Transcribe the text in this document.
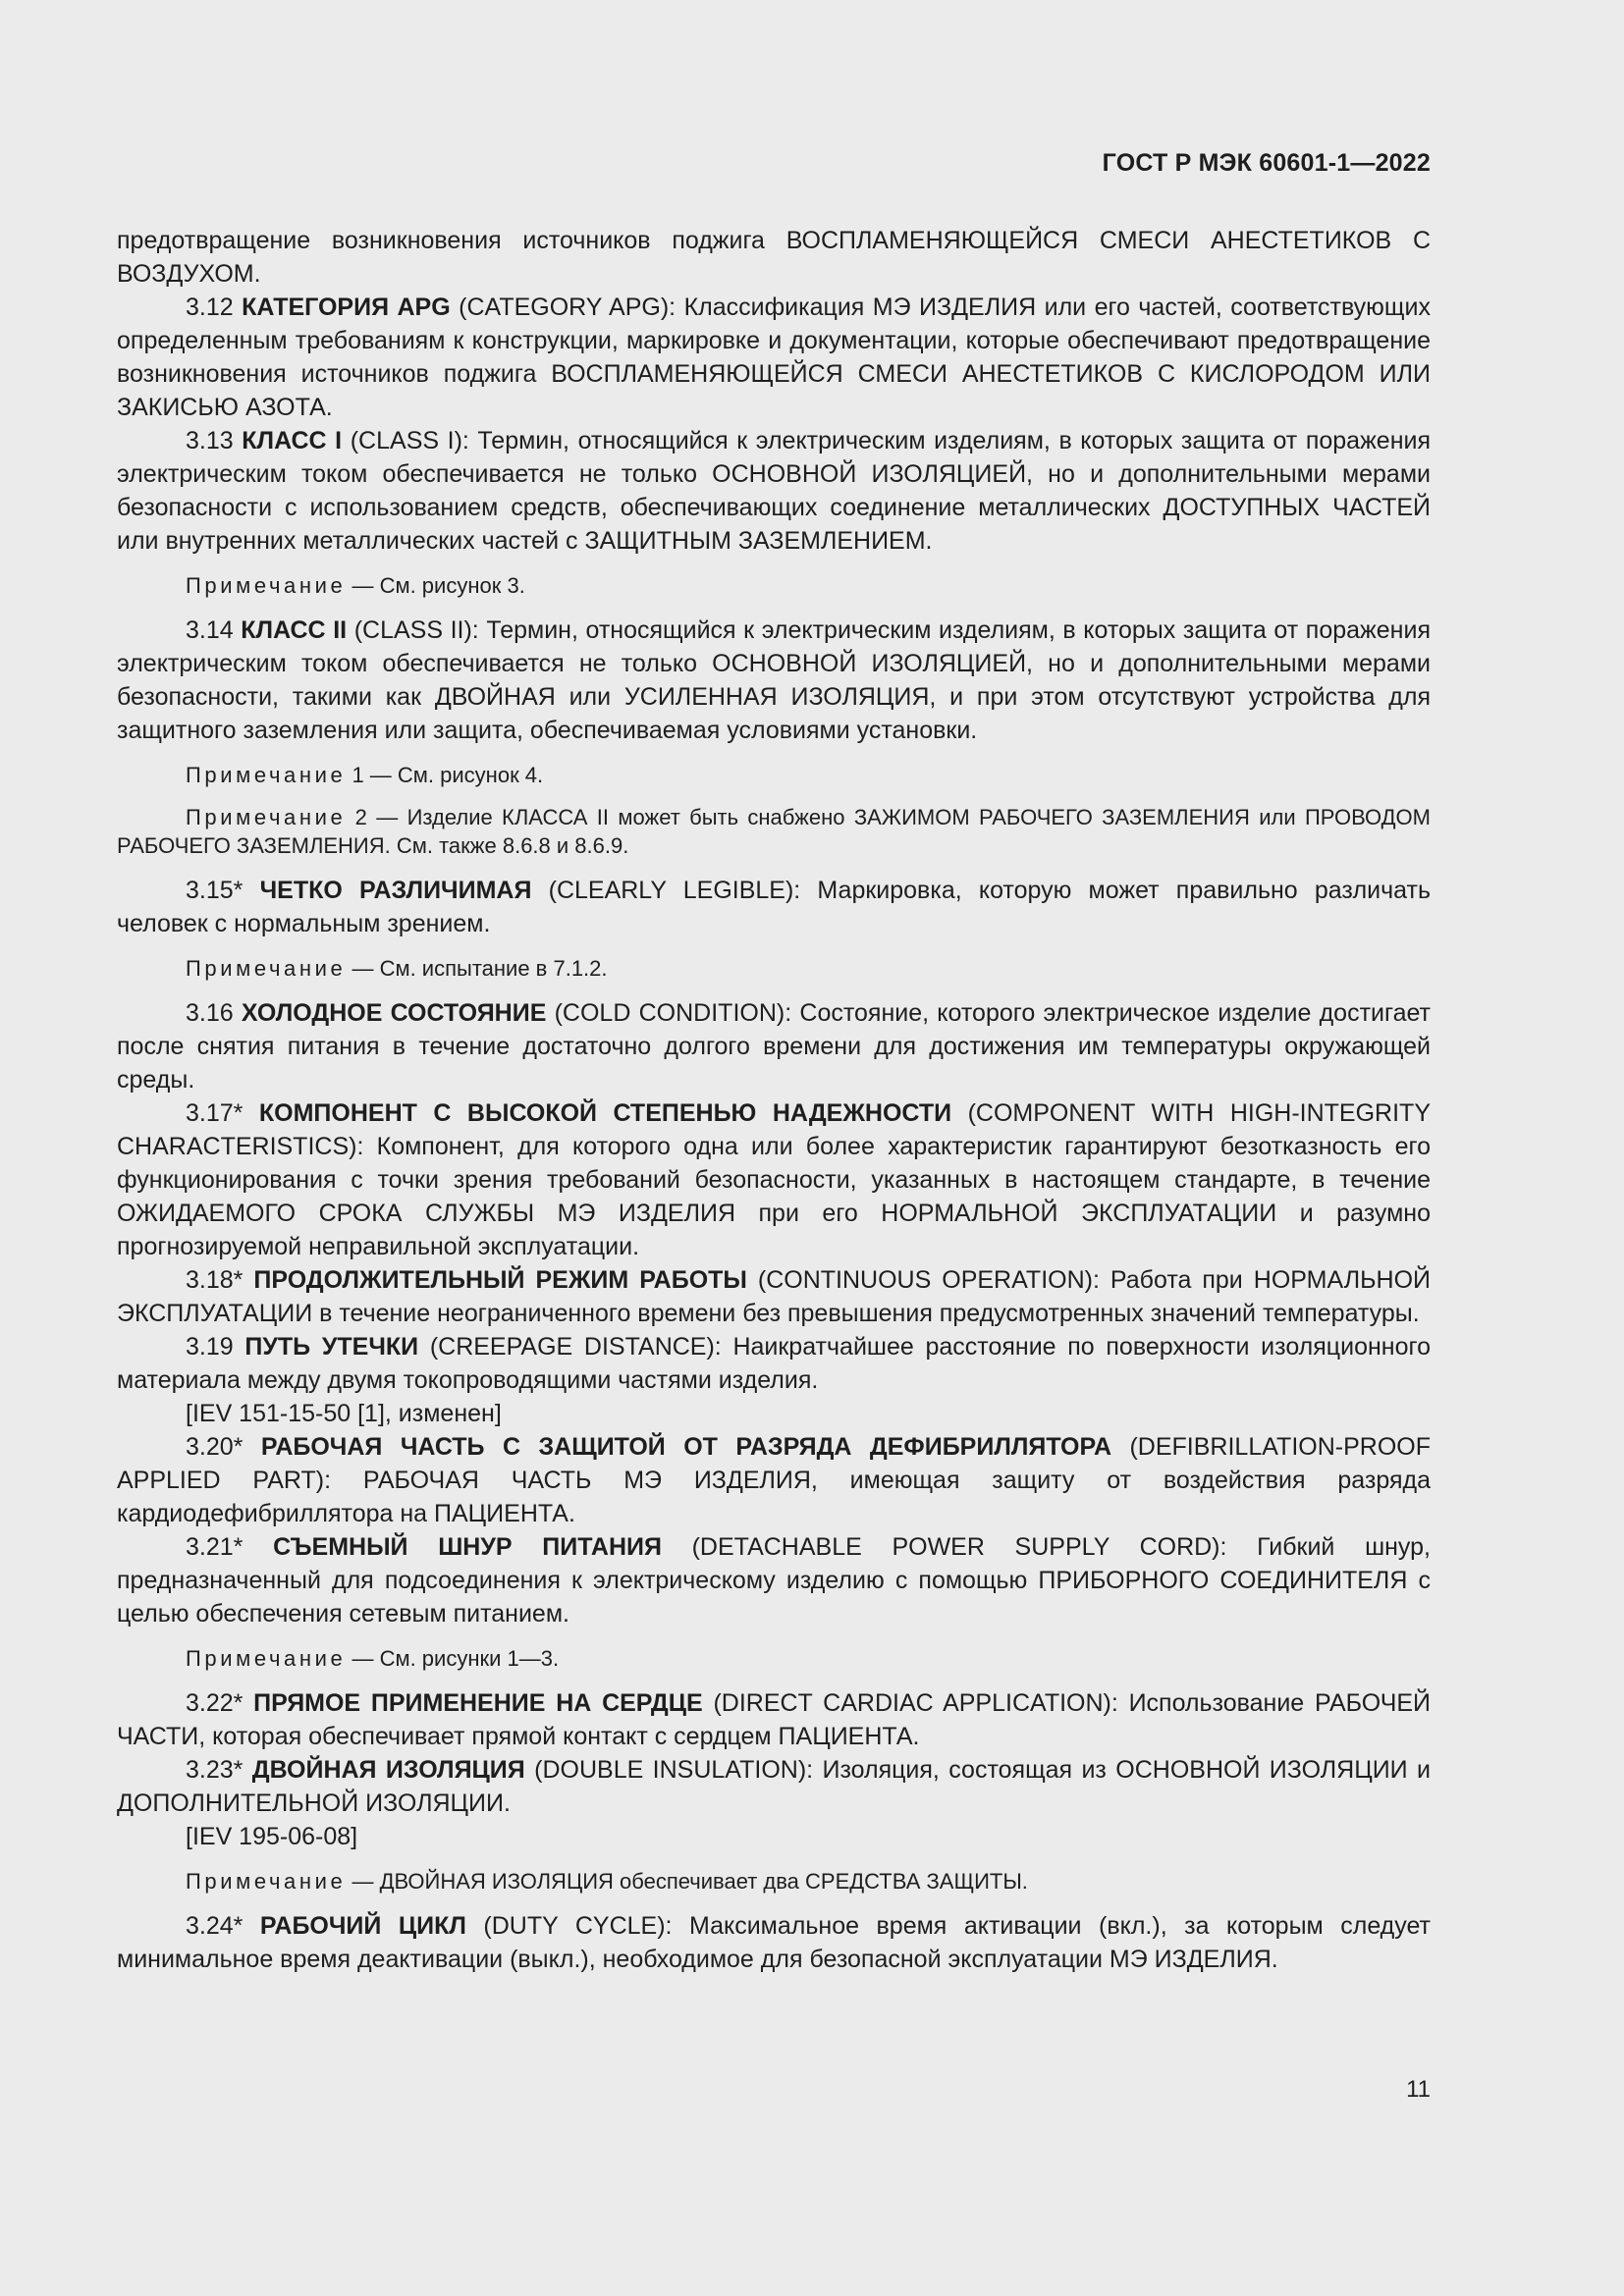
ГОСТ Р МЭК 60601-1—2022

предотвращение возникновения источников поджига ВОСПЛАМЕНЯЮЩЕЙСЯ СМЕСИ АНЕСТЕТИКОВ С ВОЗДУХОМ.

3.12 КАТЕГОРИЯ APG (CATEGORY APG): Классификация МЭ ИЗДЕЛИЯ или его частей, соответствующих определенным требованиям к конструкции, маркировке и документации, которые обеспечивают предотвращение возникновения источников поджига ВОСПЛАМЕНЯЮЩЕЙСЯ СМЕСИ АНЕСТЕТИКОВ С КИСЛОРОДОМ ИЛИ ЗАКИСЬЮ АЗОТА.

3.13 КЛАСС I (CLASS I): Термин, относящийся к электрическим изделиям, в которых защита от поражения электрическим током обеспечивается не только ОСНОВНОЙ ИЗОЛЯЦИЕЙ, но и дополнительными мерами безопасности с использованием средств, обеспечивающих соединение металлических ДОСТУПНЫХ ЧАСТЕЙ или внутренних металлических частей с ЗАЩИТНЫМ ЗАЗЕМЛЕНИЕМ.

Примечание — См. рисунок 3.

3.14 КЛАСС II (CLASS II): Термин, относящийся к электрическим изделиям, в которых защита от поражения электрическим током обеспечивается не только ОСНОВНОЙ ИЗОЛЯЦИЕЙ, но и дополнительными мерами безопасности, такими как ДВОЙНАЯ или УСИЛЕННАЯ ИЗОЛЯЦИЯ, и при этом отсутствуют устройства для защитного заземления или защита, обеспечиваемая условиями установки.

Примечание 1 — См. рисунок 4.

Примечание 2 — Изделие КЛАССА II может быть снабжено ЗАЖИМОМ РАБОЧЕГО ЗАЗЕМЛЕНИЯ или ПРОВОДОМ РАБОЧЕГО ЗАЗЕМЛЕНИЯ. См. также 8.6.8 и 8.6.9.

3.15* ЧЕТКО РАЗЛИЧИМАЯ (CLEARLY LEGIBLE): Маркировка, которую может правильно различать человек с нормальным зрением.

Примечание — См. испытание в 7.1.2.

3.16 ХОЛОДНОЕ СОСТОЯНИЕ (COLD CONDITION): Состояние, которого электрическое изделие достигает после снятия питания в течение достаточно долгого времени для достижения им температуры окружающей среды.

3.17* КОМПОНЕНТ С ВЫСОКОЙ СТЕПЕНЬЮ НАДЕЖНОСТИ (COMPONENT WITH HIGH-INTEGRITY CHARACTERISTICS): Компонент, для которого одна или более характеристик гарантируют безотказность его функционирования с точки зрения требований безопасности, указанных в настоящем стандарте, в течение ОЖИДАЕМОГО СРОКА СЛУЖБЫ МЭ ИЗДЕЛИЯ при его НОРМАЛЬНОЙ ЭКСПЛУАТАЦИИ и разумно прогнозируемой неправильной эксплуатации.

3.18* ПРОДОЛЖИТЕЛЬНЫЙ РЕЖИМ РАБОТЫ (CONTINUOUS OPERATION): Работа при НОРМАЛЬНОЙ ЭКСПЛУАТАЦИИ в течение неограниченного времени без превышения предусмотренных значений температуры.

3.19 ПУТЬ УТЕЧКИ (CREEPAGE DISTANCE): Наикратчайшее расстояние по поверхности изоляционного материала между двумя токопроводящими частями изделия.

[IEV 151-15-50 [1], изменен]

3.20* РАБОЧАЯ ЧАСТЬ С ЗАЩИТОЙ ОТ РАЗРЯДА ДЕФИБРИЛЛЯТОРА (DEFIBRILLATION-PROOF APPLIED PART): РАБОЧАЯ ЧАСТЬ МЭ ИЗДЕЛИЯ, имеющая защиту от воздействия разряда кардиодефибриллятора на ПАЦИЕНТА.

3.21* СЪЕМНЫЙ ШНУР ПИТАНИЯ (DETACHABLE POWER SUPPLY CORD): Гибкий шнур, предназначенный для подсоединения к электрическому изделию с помощью ПРИБОРНОГО СОЕДИНИТЕЛЯ с целью обеспечения сетевым питанием.

Примечание — См. рисунки 1—3.

3.22* ПРЯМОЕ ПРИМЕНЕНИЕ НА СЕРДЦЕ (DIRECT CARDIAC APPLICATION): Использование РАБОЧЕЙ ЧАСТИ, которая обеспечивает прямой контакт с сердцем ПАЦИЕНТА.

3.23* ДВОЙНАЯ ИЗОЛЯЦИЯ (DOUBLE INSULATION): Изоляция, состоящая из ОСНОВНОЙ ИЗОЛЯЦИИ и ДОПОЛНИТЕЛЬНОЙ ИЗОЛЯЦИИ.

[IEV 195-06-08]

Примечание — ДВОЙНАЯ ИЗОЛЯЦИЯ обеспечивает два СРЕДСТВА ЗАЩИТЫ.

3.24* РАБОЧИЙ ЦИКЛ (DUTY CYCLE): Максимальное время активации (вкл.), за которым следует минимальное время деактивации (выкл.), необходимое для безопасной эксплуатации МЭ ИЗДЕЛИЯ.

11
